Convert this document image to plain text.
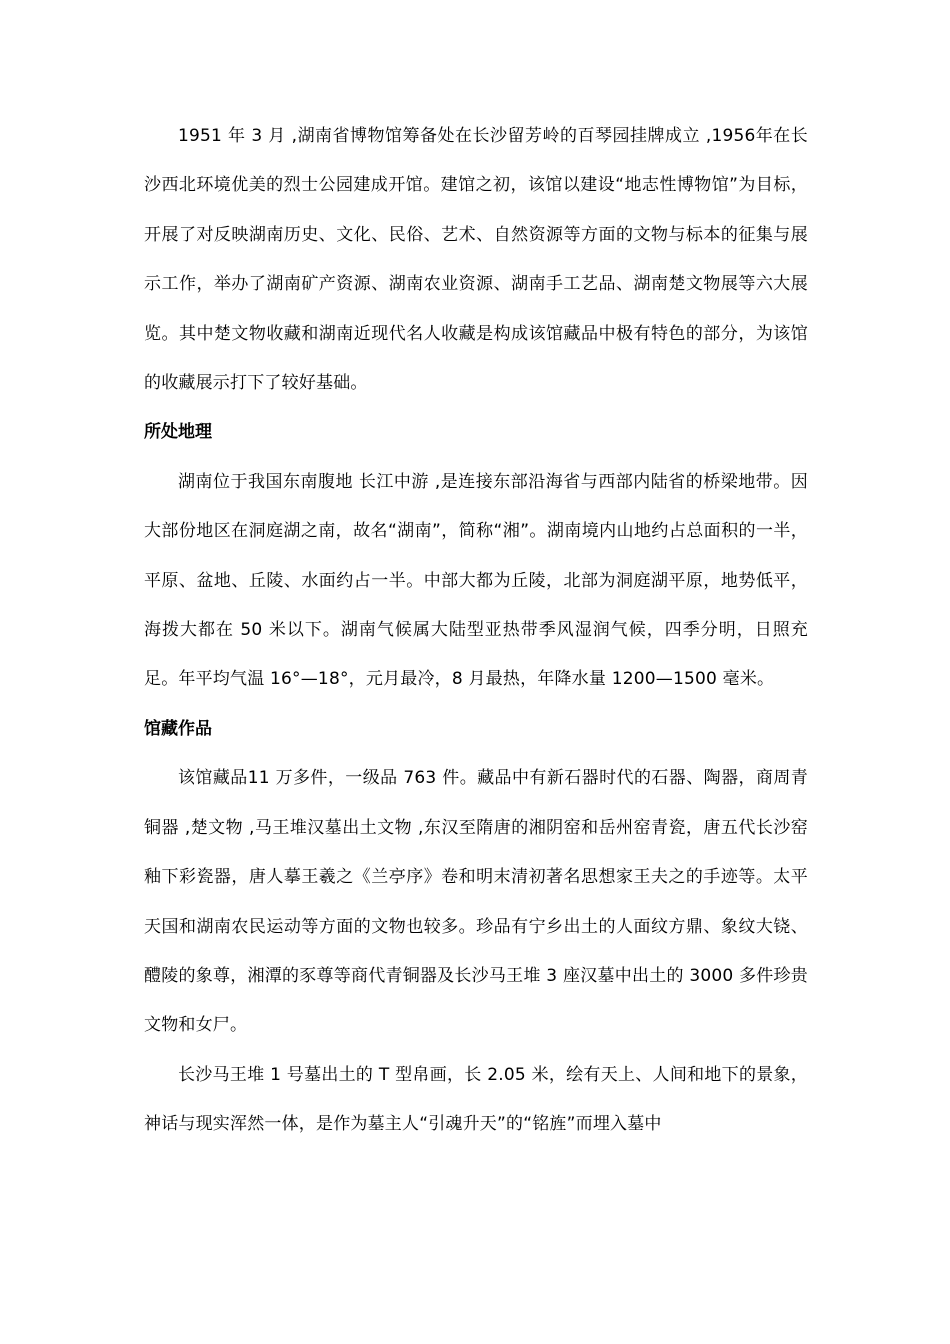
1951 年 3 月 ,湖南省博物馆筹备处在长沙留芳岭的百琴园挂牌成立 ,1956年在长沙西北环境优美的烈士公园建成开馆。建馆之初，该馆以建设“地志性博物馆”为目标，开展了对反映湖南历史、文化、民俗、艺术、自然资源等方面的文物与标本的征集与展示工作，举办了湖南矿产资源、湖南农业资源、湖南手工艺品、湖南楚文物展等六大展览。其中楚文物收藏和湖南近现代名人收藏是构成该馆藏品中极有特色的部分，为该馆的收藏展示打下了较好基础。

所处地理

湖南位于我国东南腹地 长江中游 ,是连接东部沿海省与西部内陆省的桥梁地带。因大部份地区在洞庭湖之南，故名“湖南”，简称“湘”。湖南境内山地约占总面积的一半，平原、盆地、丘陵、水面约占一半。中部大都为丘陵，北部为洞庭湖平原，地势低平，海拨大都在 50 米以下。湖南气候属大陆型亚热带季风湿润气候，四季分明，日照充足。年平均气温 16°—18°，元月最冷，8 月最热，年降水量 1200—1500 毫米。

馆藏作品

该馆藏品11 万多件，一级品 763 件。藏品中有新石器时代的石器、陶器，商周青铜器 ,楚文物 ,马王堆汉墓出土文物 ,东汉至隋唐的湘阴窑和岳州窑青瓷，唐五代长沙窑釉下彩瓷器，唐人摹王羲之《兰亭序》卷和明末清初著名思想家王夫之的手迹等。太平天国和湖南农民运动等方面的文物也较多。珍品有宁乡出土的人面纹方鼎、象纹大铙、醴陵的象尊，湘潭的豕尊等商代青铜器及长沙马王堆 3 座汉墓中出土的 3000 多件珍贵文物和女尸。

长沙马王堆 1 号墓出土的 T 型帛画，长 2.05 米，绘有天上、人间和地下的景象，神话与现实浑然一体，是作为墓主人“引魂升天”的“铭旌”而埋入墓中
